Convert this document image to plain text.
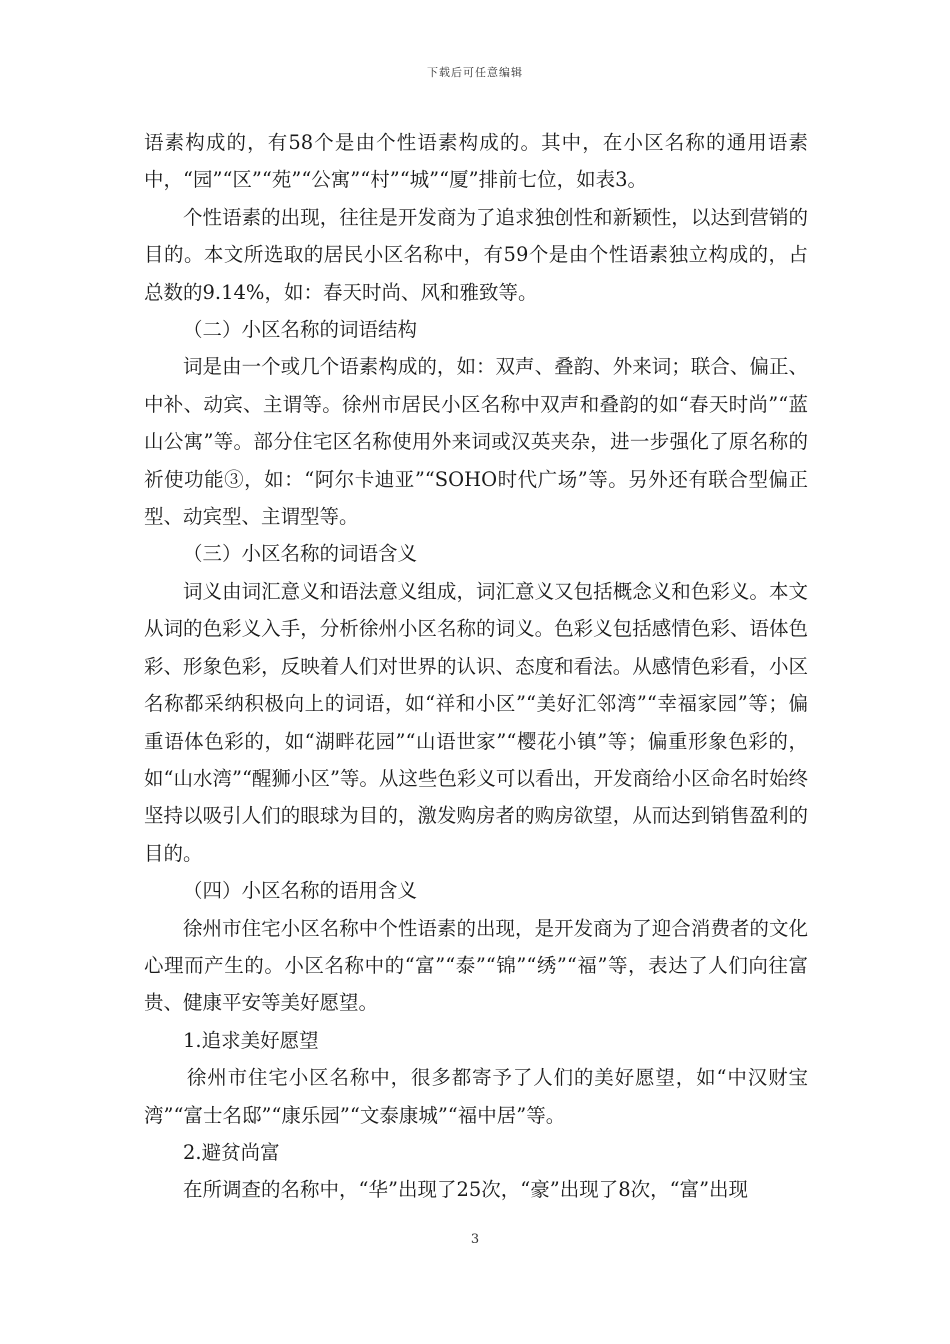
下载后可任意编辑

语素构成的，有58个是由个性语素构成的。其中，在小区名称的通用语素中，“园”“区”“苑”“公寓”“村”“城”“厦”排前七位，如表3。

个性语素的出现，往往是开发商为了追求独创性和新颖性，以达到营销的目的。本文所选取的居民小区名称中，有59个是由个性语素独立构成的，占总数的9.14%，如：春天时尚、风和雅致等。

（二）小区名称的词语结构

词是由一个或几个语素构成的，如：双声、叠韵、外来词；联合、偏正、中补、动宾、主谓等。徐州市居民小区名称中双声和叠韵的如“春天时尚”“蓝山公寓”等。部分住宅区名称使用外来词或汉英夹杂，进一步强化了原名称的祈使功能③，如：“阿尔卡迪亚”“SOHO时代广场”等。另外还有联合型偏正型、动宾型、主谓型等。

（三）小区名称的词语含义

词义由词汇意义和语法意义组成，词汇意义又包括概念义和色彩义。本文从词的色彩义入手，分析徐州小区名称的词义。色彩义包括感情色彩、语体色彩、形象色彩，反映着人们对世界的认识、态度和看法。从感情色彩看，小区名称都采纳积极向上的词语，如“祥和小区”“美好汇邻湾”“幸福家园”等；偏重语体色彩的，如“湖畔花园”“山语世家”“樱花小镇”等；偏重形象色彩的，如“山水湾”“醒狮小区”等。从这些色彩义可以看出，开发商给小区命名时始终坚持以吸引人们的眼球为目的，激发购房者的购房欲望，从而达到销售盈利的目的。

（四）小区名称的语用含义

徐州市住宅小区名称中个性语素的出现，是开发商为了迎合消费者的文化心理而产生的。小区名称中的“富”“泰”“锦”“绣”“福”等，表达了人们向往富贵、健康平安等美好愿望。

1.追求美好愿望

徐州市住宅小区名称中，很多都寄予了人们的美好愿望，如“中汉财宝湾”“富士名邸”“康乐园”“文泰康城”“福中居”等。

2.避贫尚富

在所调查的名称中，“华”出现了25次，“豪”出现了8次，“富”出现

3
